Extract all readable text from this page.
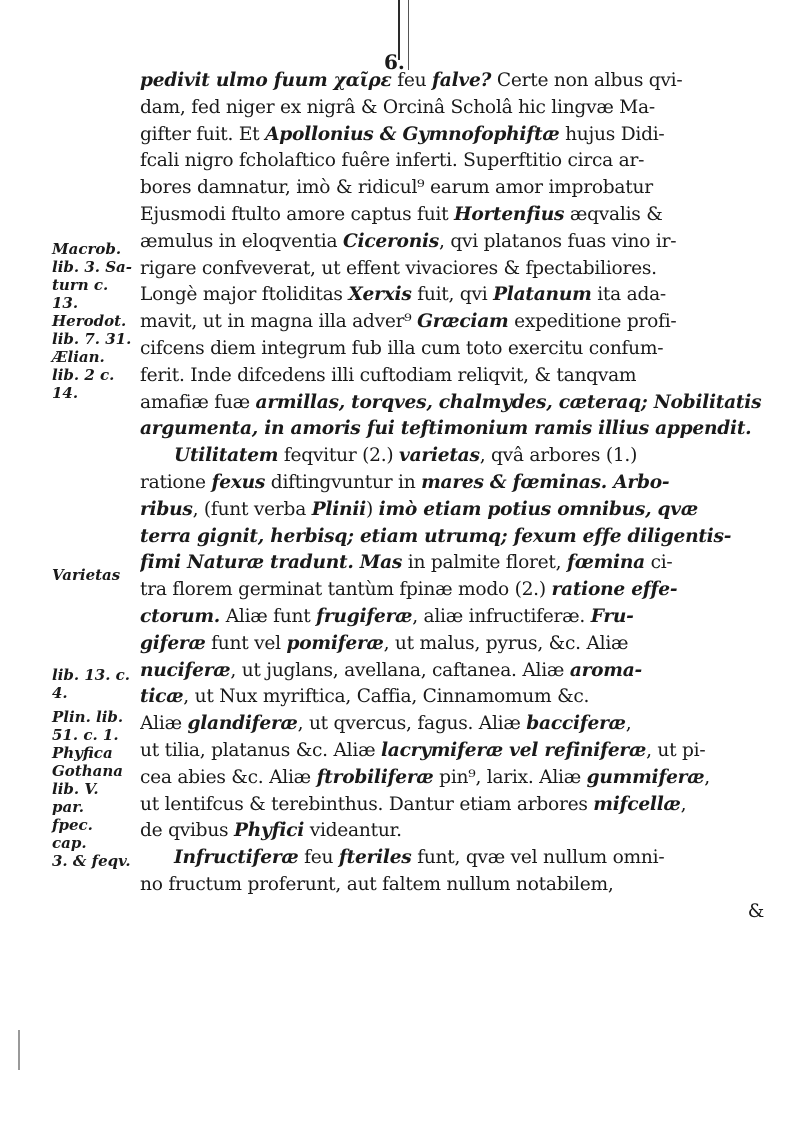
6.
Macrob.
lib. 3. Sa-
turn c. 13.
Herodot.
lib. 7. 31.
Ælian.
lib. 2 c. 14.
Varietas
lib. 13. c. 4.
Plin. lib.
51. c. 1.
Phyfica
Gothana
lib. V. par.
fpec. cap.
3. & feqv.
pedivit ulmo fuum χαῖρε feu falve? Certe non albus qvi-
dam, fed niger ex nigrâ & Orcinâ Scholâ hic lingvæ Ma-
gifter fuit. Et Apollonius & Gymnofophiftæ hujus Didi-
fcali nigro fcholaftico fuêre inferti. Superftitio circa ar-
bores damnatur, imò & ridicul⁹ earum amor improbatur
Ejusmodi ftulto amore captus fuit Hortenfius æqvalis &
æmulus in eloqventia Ciceronis, qvi platanos fuas vino ir-
rigare confveverat, ut effent vivaciores & fpectabiliores.
Longè major ftoliditas Xerxis fuit, qvi Platanum ita ada-
mavit, ut in magna illa adver⁹ Græciam expeditione profi-
cifcens diem integrum fub illa cum toto exercitu confum-
ferit. Inde difcedens illi cuftodiam reliqvit, & tanqvam
amafiæ fuæ armillas, torqves, chalmydes, cæteraq; Nobilitatis
argumenta, in amoris fui teftimonium ramis illius appendit.
Utilitatem feqvitur (2.) varietas, qvâ arbores (1.)
ratione fexus diftingvuntur in mares & fœminas. Arbo-
ribus, (funt verba Plinii) imò etiam potius omnibus, qvæ
terra gignit, herbisq; etiam utrumq; fexum effe diligentis-
fimi Naturæ tradunt. Mas in palmite floret, fœmina ci-
tra florem germinat tantùm fpinæ modo (2.) ratione effe-
ctorum. Aliæ funt frugiferæ, aliæ infructiferæ. Fru-
giferæ funt vel pomiferæ, ut malus, pyrus, &c. Aliæ
nuciferæ, ut juglans, avellana, caftanea. Aliæ aroma-
ticæ, ut Nux myriftica, Caffia, Cinnamomum &c.
Aliæ glandiferæ, ut qvercus, fagus. Aliæ bacciferæ,
ut tilia, platanus &c. Aliæ lacrymiferæ vel refiniferæ, ut pi-
cea abies &c. Aliæ ftrobiliferæ pin⁹, larix. Aliæ gummiferæ,
ut lentifcus & terebinthus. Dantur etiam arbores mifcellæ,
de qvibus Phyfici videantur.
Infructiferæ feu fteriles funt, qvæ vel nullum omni-
no fructum proferunt, aut faltem nullum notabilem,
&
